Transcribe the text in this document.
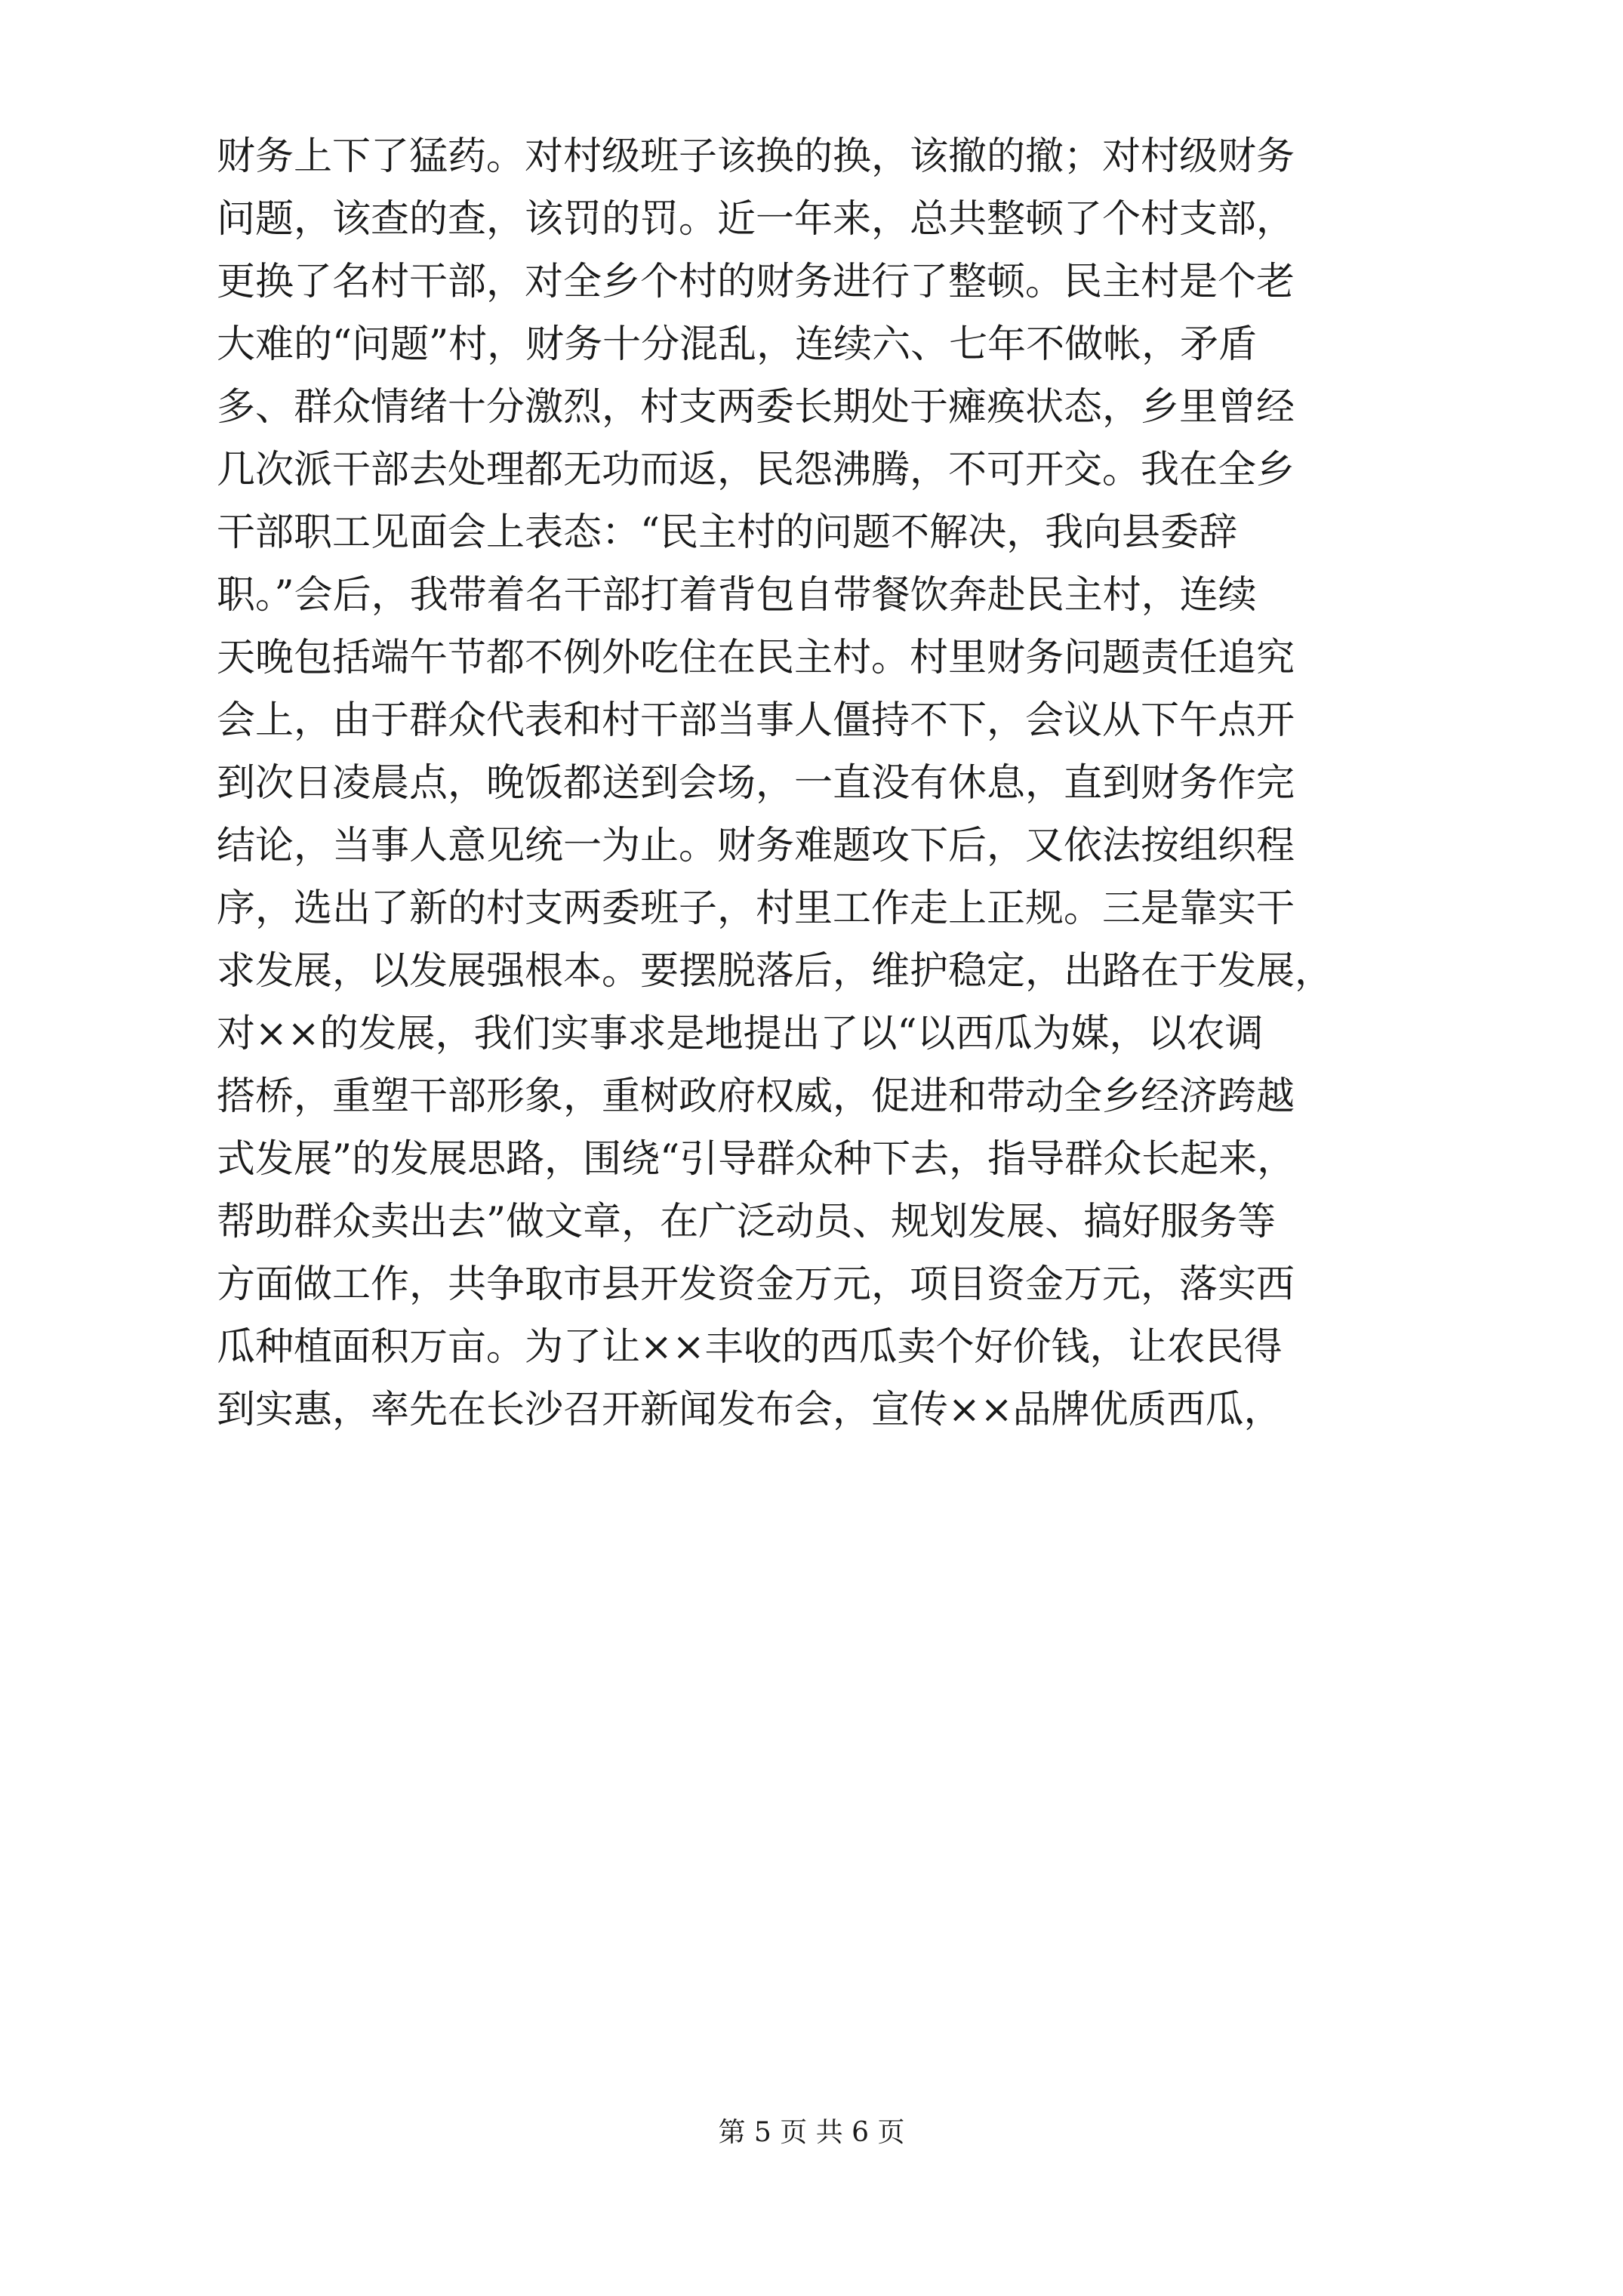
财务上下了猛药。对村级班子该换的换，该撤的撤；对村级财务
问题，该查的查，该罚的罚。近一年来，总共整顿了个村支部，
更换了名村干部，对全乡个村的财务进行了整顿。民主村是个老
大难的“问题”村，财务十分混乱，连续六、七年不做帐，矛盾
多、群众情绪十分激烈，村支两委长期处于瘫痪状态，乡里曾经
几次派干部去处理都无功而返，民怨沸腾，不可开交。我在全乡
干部职工见面会上表态：“民主村的问题不解决，我向县委辞
职。”会后，我带着名干部打着背包自带餐饮奔赴民主村，连续
天晚包括端午节都不例外吃住在民主村。村里财务问题责任追究
会上，由于群众代表和村干部当事人僵持不下，会议从下午点开
到次日凌晨点，晚饭都送到会场，一直没有休息，直到财务作完
结论，当事人意见统一为止。财务难题攻下后，又依法按组织程
序，选出了新的村支两委班子，村里工作走上正规。三是靠实干
求发展，以发展强根本。要摆脱落后，维护稳定，出路在于发展，
对××的发展，我们实事求是地提出了以“以西瓜为媒，以农调
搭桥，重塑干部形象，重树政府权威，促进和带动全乡经济跨越
式发展”的发展思路，围绕“引导群众种下去，指导群众长起来，
帮助群众卖出去”做文章，在广泛动员、规划发展、搞好服务等
方面做工作，共争取市县开发资金万元，项目资金万元，落实西
瓜种植面积万亩。为了让××丰收的西瓜卖个好价钱，让农民得
到实惠，率先在长沙召开新闻发布会，宣传××品牌优质西瓜，
第 5 页 共 6 页
